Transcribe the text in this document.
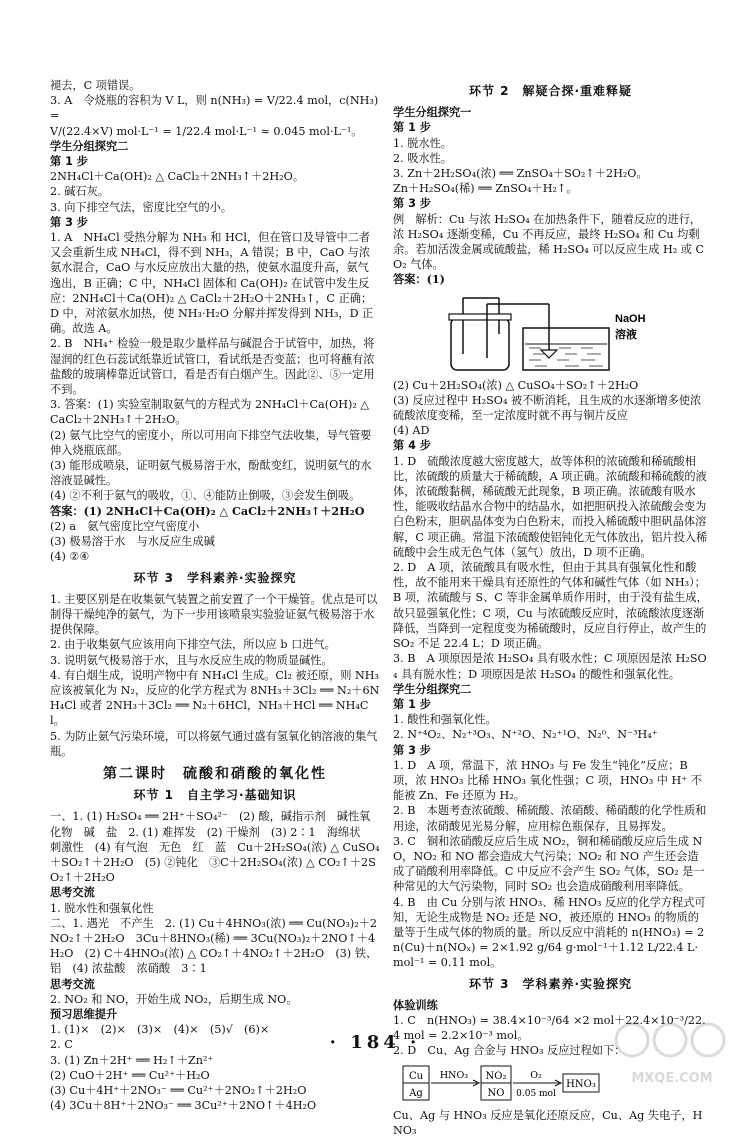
褪去，C 项错误。

3. A　令烧瓶的容积为 V L，则 n(NH₃) = V/22.4 mol，c(NH₃) =

V/(22.4×V) mol·L⁻¹ = 1/22.4 mol·L⁻¹ ≈ 0.045 mol·L⁻¹。

学生分组探究二

第 1 步

2NH₄Cl＋Ca(OH)₂ △ CaCl₂＋2NH₃↑＋2H₂O。

2. 碱石灰。

3. 向下排空气法，密度比空气的小。

第 3 步

1. A　NH₄Cl 受热分解为 NH₃ 和 HCl，但在管口及导管中二者又会重新生成 NH₄Cl，得不到 NH₃，A 错误；B 中，CaO 与浓氨水混合，CaO 与水反应放出大量的热，使氨水温度升高，氨气逸出，B 正确；C 中，NH₄Cl 固体和 Ca(OH)₂ 在试管中发生反应：2NH₄Cl＋Ca(OH)₂ △ CaCl₂＋2H₂O＋2NH₃↑，C 正确；D 中，对浓氨水加热，使 NH₃·H₂O 分解并挥发得到 NH₃，D 正确。故选 A。

2. B　NH₄⁺ 检验一般是取少量样品与碱混合于试管中，加热，将湿润的红色石蕊试纸靠近试管口，看试纸是否变蓝；也可将蘸有浓盐酸的玻璃棒靠近试管口，看是否有白烟产生。因此②、⑤一定用不到。

3. 答案：(1) 实验室制取氨气的方程式为 2NH₄Cl＋Ca(OH)₂ △ CaCl₂＋2NH₃↑＋2H₂O。

(2) 氨气比空气的密度小，所以可用向下排空气法收集，导气管要伸入烧瓶底部。

(3) 能形成喷泉，证明氨气极易溶于水，酚酞变红，说明氨气的水溶液显碱性。

(4) ②不利于氨气的吸收，①、④能防止倒吸，③会发生倒吸。

答案：(1) 2NH₄Cl＋Ca(OH)₂ △ CaCl₂＋2NH₃↑＋2H₂O

(2) a　氨气密度比空气密度小

(3) 极易溶于水　与水反应生成碱

(4) ②④

环节 3　学科素养·实验探究

1. 主要区别是在收集氨气装置之前安置了一个干燥管。优点是可以制得干燥纯净的氨气，为下一步用该喷泉实验验证氨气极易溶于水提供保障。

2. 由于收集氨气应该用向下排空气法，所以应 b 口进气。

3. 说明氨气极易溶于水，且与水反应生成的物质显碱性。

4. 有白烟生成，说明产物中有 NH₄Cl 生成。Cl₂ 被还原，则 NH₃ 应该被氧化为 N₂，反应的化学方程式为 8NH₃＋3Cl₂ ══ N₂＋6NH₄Cl 或者 2NH₃＋3Cl₂ ══ N₂＋6HCl，NH₃＋HCl ══ NH₄Cl。

5. 为防止氨气污染环境，可以将氨气通过盛有氢氧化钠溶液的集气瓶。

第二课时　硫酸和硝酸的氧化性

环节 1　自主学习·基础知识

一、1. (1) H₂SO₄ ══ 2H⁺＋SO₄²⁻　(2) 酸，碱指示剂　碱性氧化物　碱　盐　2. (1) 难挥发　(2) 干燥剂　(3) 2∶1　海绵状　刺激性　(4) 有气泡　无色　红　蓝　Cu＋2H₂SO₄(浓) △ CuSO₄＋SO₂↑＋2H₂O　(5) ②钝化　③C＋2H₂SO₄(浓) △ CO₂↑＋2SO₂↑＋2H₂O

思考交流

1. 脱水性和强氧化性

二、1. 遇光　不产生　2. (1) Cu＋4HNO₃(浓) ══ Cu(NO₃)₂＋2NO₂↑＋2H₂O　3Cu＋8HNO₃(稀) ══ 3Cu(NO₃)₂＋2NO↑＋4H₂O　(2) C＋4HNO₃(浓) △ CO₂↑＋4NO₂↑＋2H₂O　(3) 铁、铝　(4) 浓盐酸　浓硝酸　3∶1

思考交流

2. NO₂ 和 NO，开始生成 NO₂，后期生成 NO。

预习思维提升

1. (1)×　(2)×　(3)×　(4)×　(5)√　(6)×

2. C

3. (1) Zn＋2H⁺ ══ H₂↑＋Zn²⁺

(2) CuO＋2H⁺ ══ Cu²⁺＋H₂O

(3) Cu＋4H⁺＋2NO₃⁻ ══ Cu²⁺＋2NO₂↑＋2H₂O

(4) 3Cu＋8H⁺＋2NO₃⁻ ══ 3Cu²⁺＋2NO↑＋4H₂O

环节 2　解疑合探·重难释疑

学生分组探究一

第 1 步

1. 脱水性。

2. 吸水性。

3. Zn＋2H₂SO₄(浓) ══ ZnSO₄＋SO₂↑＋2H₂O。

Zn＋H₂SO₄(稀) ══ ZnSO₄＋H₂↑。

第 3 步

例　解析：Cu 与浓 H₂SO₄ 在加热条件下，随着反应的进行，浓 H₂SO₄ 逐渐变稀，Cu 不再反应，最终 H₂SO₄ 和 Cu 均剩余。若加活泼金属或硫酸盐，稀 H₂SO₄ 可以反应生成 H₂ 或 CO₂ 气体。

答案：(1)

NaOH
溶液

(2) Cu＋2H₂SO₄(浓) △ CuSO₄＋SO₂↑＋2H₂O

(3) 反应过程中 H₂SO₄ 被不断消耗，且生成的水逐渐增多使浓硫酸浓度变稀，至一定浓度时就不再与铜片反应

(4) AD

第 4 步

1. D　硫酸浓度越大密度越大，故等体积的浓硫酸和稀硫酸相比，浓硫酸的质量大于稀硫酸，A 项正确。浓硫酸和稀硫酸的液体，浓硫酸黏稠，稀硫酸无此现象，B 项正确。浓硫酸有吸水性，能吸收结晶水合物中的结晶水，如把胆矾投入浓硫酸会变为白色粉末，胆矾晶体变为白色粉末，而投入稀硫酸中胆矾晶体溶解，C 项正确。常温下浓硫酸使铝钝化无气体放出，铝片投入稀硫酸中会生成无色气体（氢气）放出，D 项不正确。

2. D　A 项，浓硫酸具有吸水性，但由于其具有强氧化性和酸性，故不能用来干燥具有还原性的气体和碱性气体（如 NH₃）；B 项，浓硫酸与 S、C 等非金属单质作用时，由于没有盐生成，故只显强氧化性；C 项，Cu 与浓硫酸反应时，浓硫酸浓度逐渐降低，当降到一定程度变为稀硫酸时，反应自行停止，故产生的 SO₂ 不足 22.4 L；D 项正确。

3. B　A 项原因是浓 H₂SO₄ 具有吸水性；C 项原因是浓 H₂SO₄ 具有脱水性；D 项原因是浓 H₂SO₄ 的酸性和强氧化性。

学生分组探究二

第 1 步

1. 酸性和强氧化性。

2. N⁺⁴O₂、N₂⁺³O₃、N⁺²O、N₂⁺¹O、N₂⁰、N⁻³H₄⁺

第 3 步

1. D　A 项，常温下，浓 HNO₃ 与 Fe 发生“钝化”反应；B 项，浓 HNO₃ 比稀 HNO₃ 氧化性强；C 项，HNO₃ 中 H⁺ 不能被 Zn、Fe 还原为 H₂。

2. B　本题考查浓硫酸、稀硫酸、浓硝酸、稀硝酸的化学性质和用途，浓硝酸见光易分解，应用棕色瓶保存，且易挥发。

3. C　铜和浓硝酸反应后生成 NO₂，铜和稀硝酸反应后生成 NO，NO₂ 和 NO 都会造成大气污染；NO₂ 和 NO 产生还会造成了硝酸利用率降低。C 中反应不会产生 SO₂ 气体，SO₂ 是一种常见的大气污染物，同时 SO₂ 也会造成硝酸利用率降低。

4. B　由 Cu 分别与浓 HNO₃、稀 HNO₃ 反应的化学方程式可知，无论生成物是 NO₂ 还是 NO，被还原的 HNO₃ 的物质的量等于生成气体的物质的量。所以反应中消耗的 n(HNO₃) = 2n(Cu)＋n(NOₓ) = 2×1.92 g/64 g·mol⁻¹＋1.12 L/22.4 L·mol⁻¹ = 0.11 mol。

环节 3　学科素养·实验探究

体验训练

1. C　n(HNO₃) = 38.4×10⁻³/64 ×2 mol＋22.4×10⁻³/22.4 mol = 2.2×10⁻³ mol。

2. D　Cu、Ag 合金与 HNO₃ 反应过程如下：

Cu
Ag
HNO₃ NO₂
NO
O₂
0.05 mol
HNO₃

Cu、Ag 与 HNO₃ 反应是氧化还原反应，Cu、Ag 失电子，HNO₃

· 184 ·
MXQE.COM
